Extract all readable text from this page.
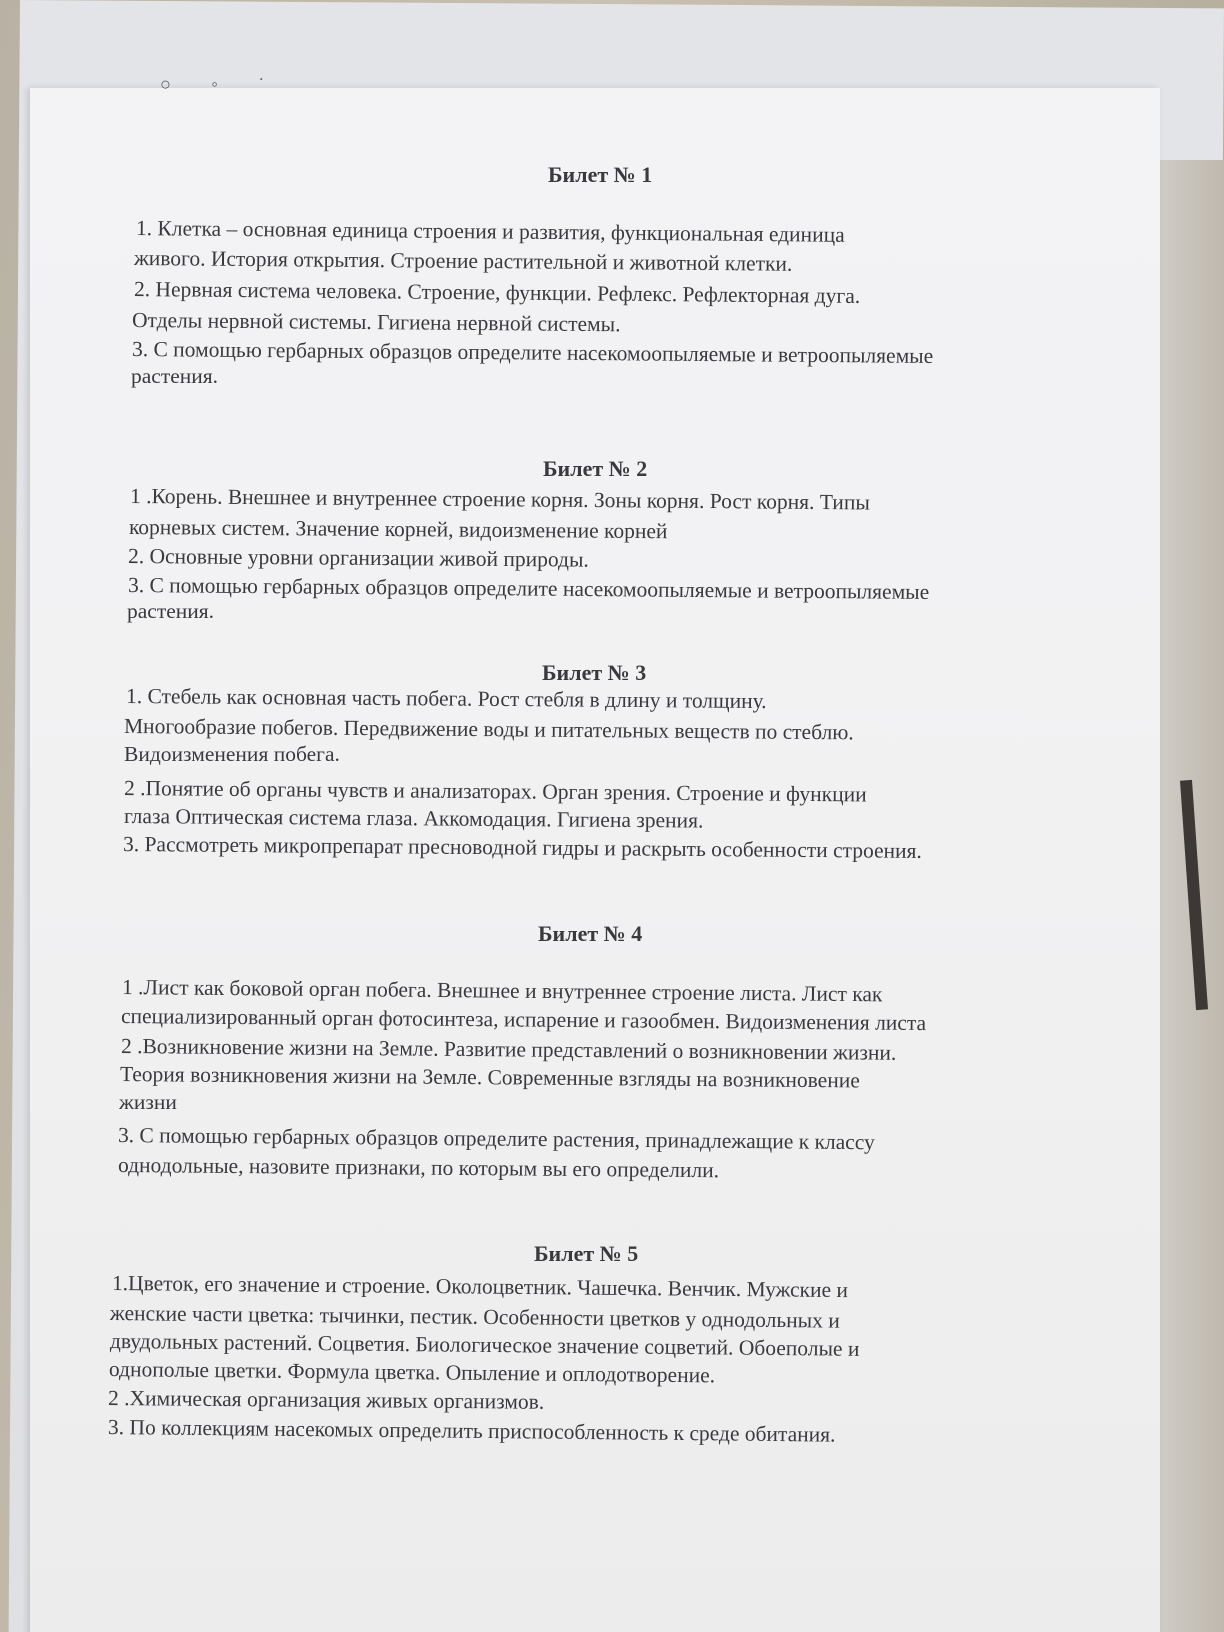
○ ◦ ˙
Билет № 1
1. Клетка – основная единица строения и развития, функциональная единица
живого. История открытия. Строение растительной и животной клетки.
2. Нервная система человека. Строение, функции. Рефлекс. Рефлекторная дуга.
Отделы нервной системы. Гигиена нервной системы.
3. С помощью гербарных образцов определите насекомоопыляемые и ветроопыляемые
растения.
Билет № 2
1 .Корень. Внешнее и внутреннее строение корня. Зоны корня. Рост корня. Типы
корневых систем. Значение корней, видоизменение корней
2. Основные уровни организации живой природы.
3. С помощью гербарных образцов определите насекомоопыляемые и ветроопыляемые
растения.
Билет № 3
1. Стебель как основная часть побега. Рост стебля в длину и толщину.
Многообразие побегов. Передвижение воды и питательных веществ по стеблю.
Видоизменения побега.
2 .Понятие об органы чувств и анализаторах. Орган зрения. Строение и функции
глаза Оптическая система глаза. Аккомодация. Гигиена зрения.
3. Рассмотреть микропрепарат пресноводной гидры и раскрыть особенности строения.
Билет № 4
1 .Лист как боковой орган побега. Внешнее и внутреннее строение листа. Лист как
специализированный орган фотосинтеза, испарение и газообмен. Видоизменения листа
2 .Возникновение жизни на Земле. Развитие представлений о возникновении жизни.
Теория возникновения жизни на Земле. Современные взгляды на возникновение
жизни
3. С помощью гербарных образцов определите растения, принадлежащие к классу
однодольные, назовите признаки, по которым вы его определили.
Билет № 5
1.Цветок, его значение и строение. Околоцветник. Чашечка. Венчик. Мужские и
женские части цветка: тычинки, пестик. Особенности цветков у однодольных и
двудольных растений. Соцветия. Биологическое значение соцветий. Обоеполые и
однополые цветки. Формула цветка. Опыление и оплодотворение.
2 .Химическая организация живых организмов.
3. По коллекциям насекомых определить приспособленность к среде обитания.
